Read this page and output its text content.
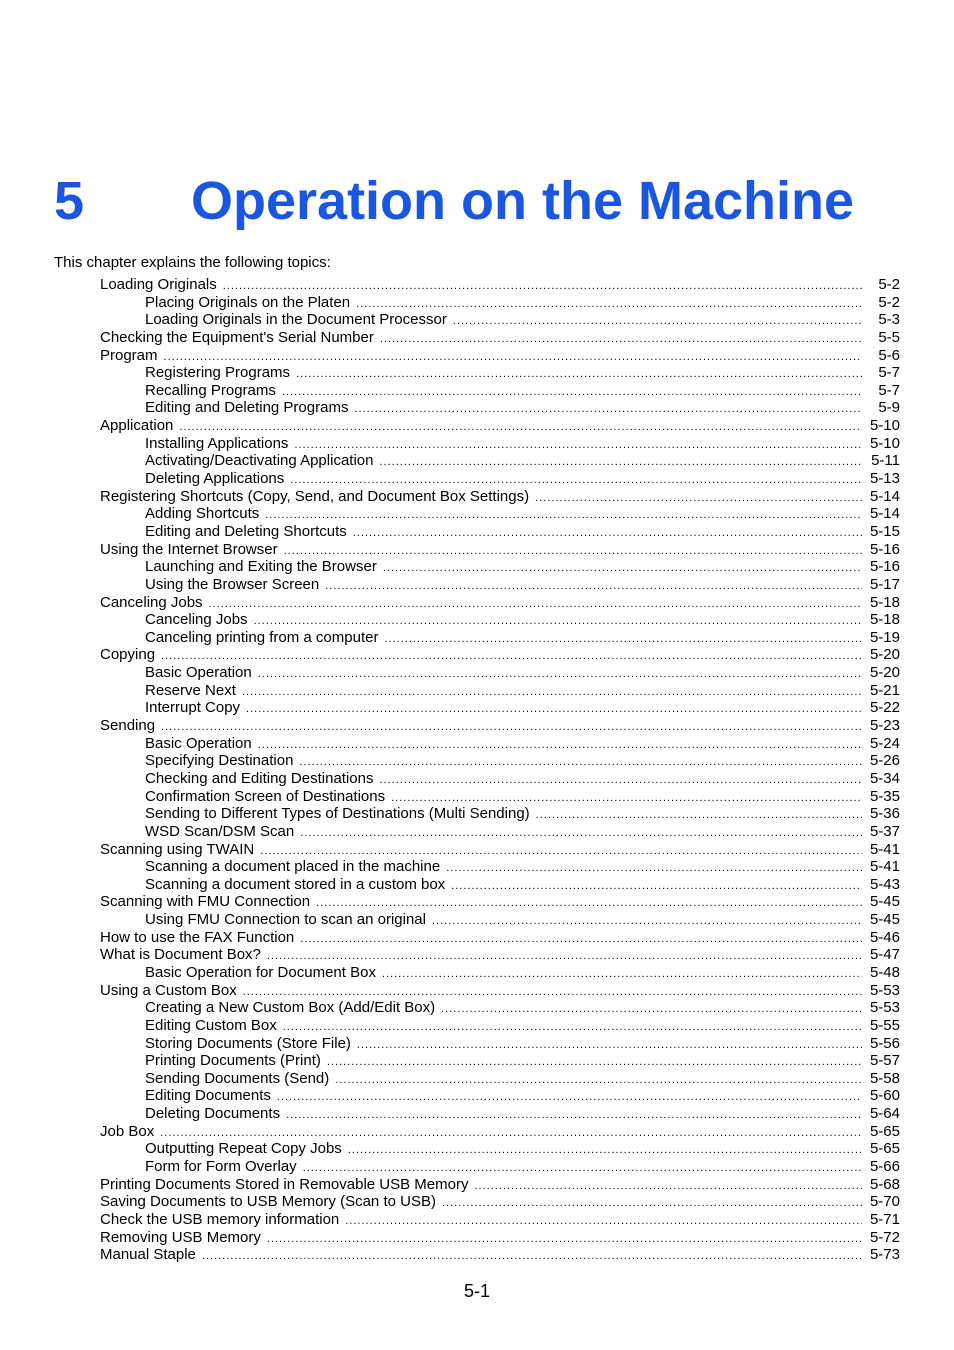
5 Operation on the Machine
This chapter explains the following topics:
Loading Originals .....	5-2
Placing Originals on the Platen .....	5-2
Loading Originals in the Document Processor .....	5-3
Checking the Equipment's Serial Number .....	5-5
Program .....	5-6
Registering Programs .....	5-7
Recalling Programs .....	5-7
Editing and Deleting Programs .....	5-9
Application .....	5-10
Installing Applications .....	5-10
Activating/Deactivating Application .....	5-11
Deleting Applications .....	5-13
Registering Shortcuts (Copy, Send, and Document Box Settings) .....	5-14
Adding Shortcuts .....	5-14
Editing and Deleting Shortcuts .....	5-15
Using the Internet Browser .....	5-16
Launching and Exiting the Browser .....	5-16
Using the Browser Screen .....	5-17
Canceling Jobs .....	5-18
Canceling Jobs .....	5-18
Canceling printing from a computer .....	5-19
Copying .....	5-20
Basic Operation .....	5-20
Reserve Next .....	5-21
Interrupt Copy .....	5-22
Sending .....	5-23
Basic Operation .....	5-24
Specifying Destination .....	5-26
Checking and Editing Destinations .....	5-34
Confirmation Screen of Destinations .....	5-35
Sending to Different Types of Destinations (Multi Sending) .....	5-36
WSD Scan/DSM Scan .....	5-37
Scanning using TWAIN .....	5-41
Scanning a document placed in the machine .....	5-41
Scanning a document stored in a custom box .....	5-43
Scanning with FMU Connection .....	5-45
Using FMU Connection to scan an original .....	5-45
How to use the FAX Function .....	5-46
What is Document Box? .....	5-47
Basic Operation for Document Box .....	5-48
Using a Custom Box .....	5-53
Creating a New Custom Box (Add/Edit Box) .....	5-53
Editing Custom Box .....	5-55
Storing Documents (Store File) .....	5-56
Printing Documents (Print) .....	5-57
Sending Documents (Send) .....	5-58
Editing Documents .....	5-60
Deleting Documents .....	5-64
Job Box .....	5-65
Outputting Repeat Copy Jobs .....	5-65
Form for Form Overlay .....	5-66
Printing Documents Stored in Removable USB Memory .....	5-68
Saving Documents to USB Memory (Scan to USB) .....	5-70
Check the USB memory information .....	5-71
Removing USB Memory .....	5-72
Manual Staple .....	5-73
5-1
